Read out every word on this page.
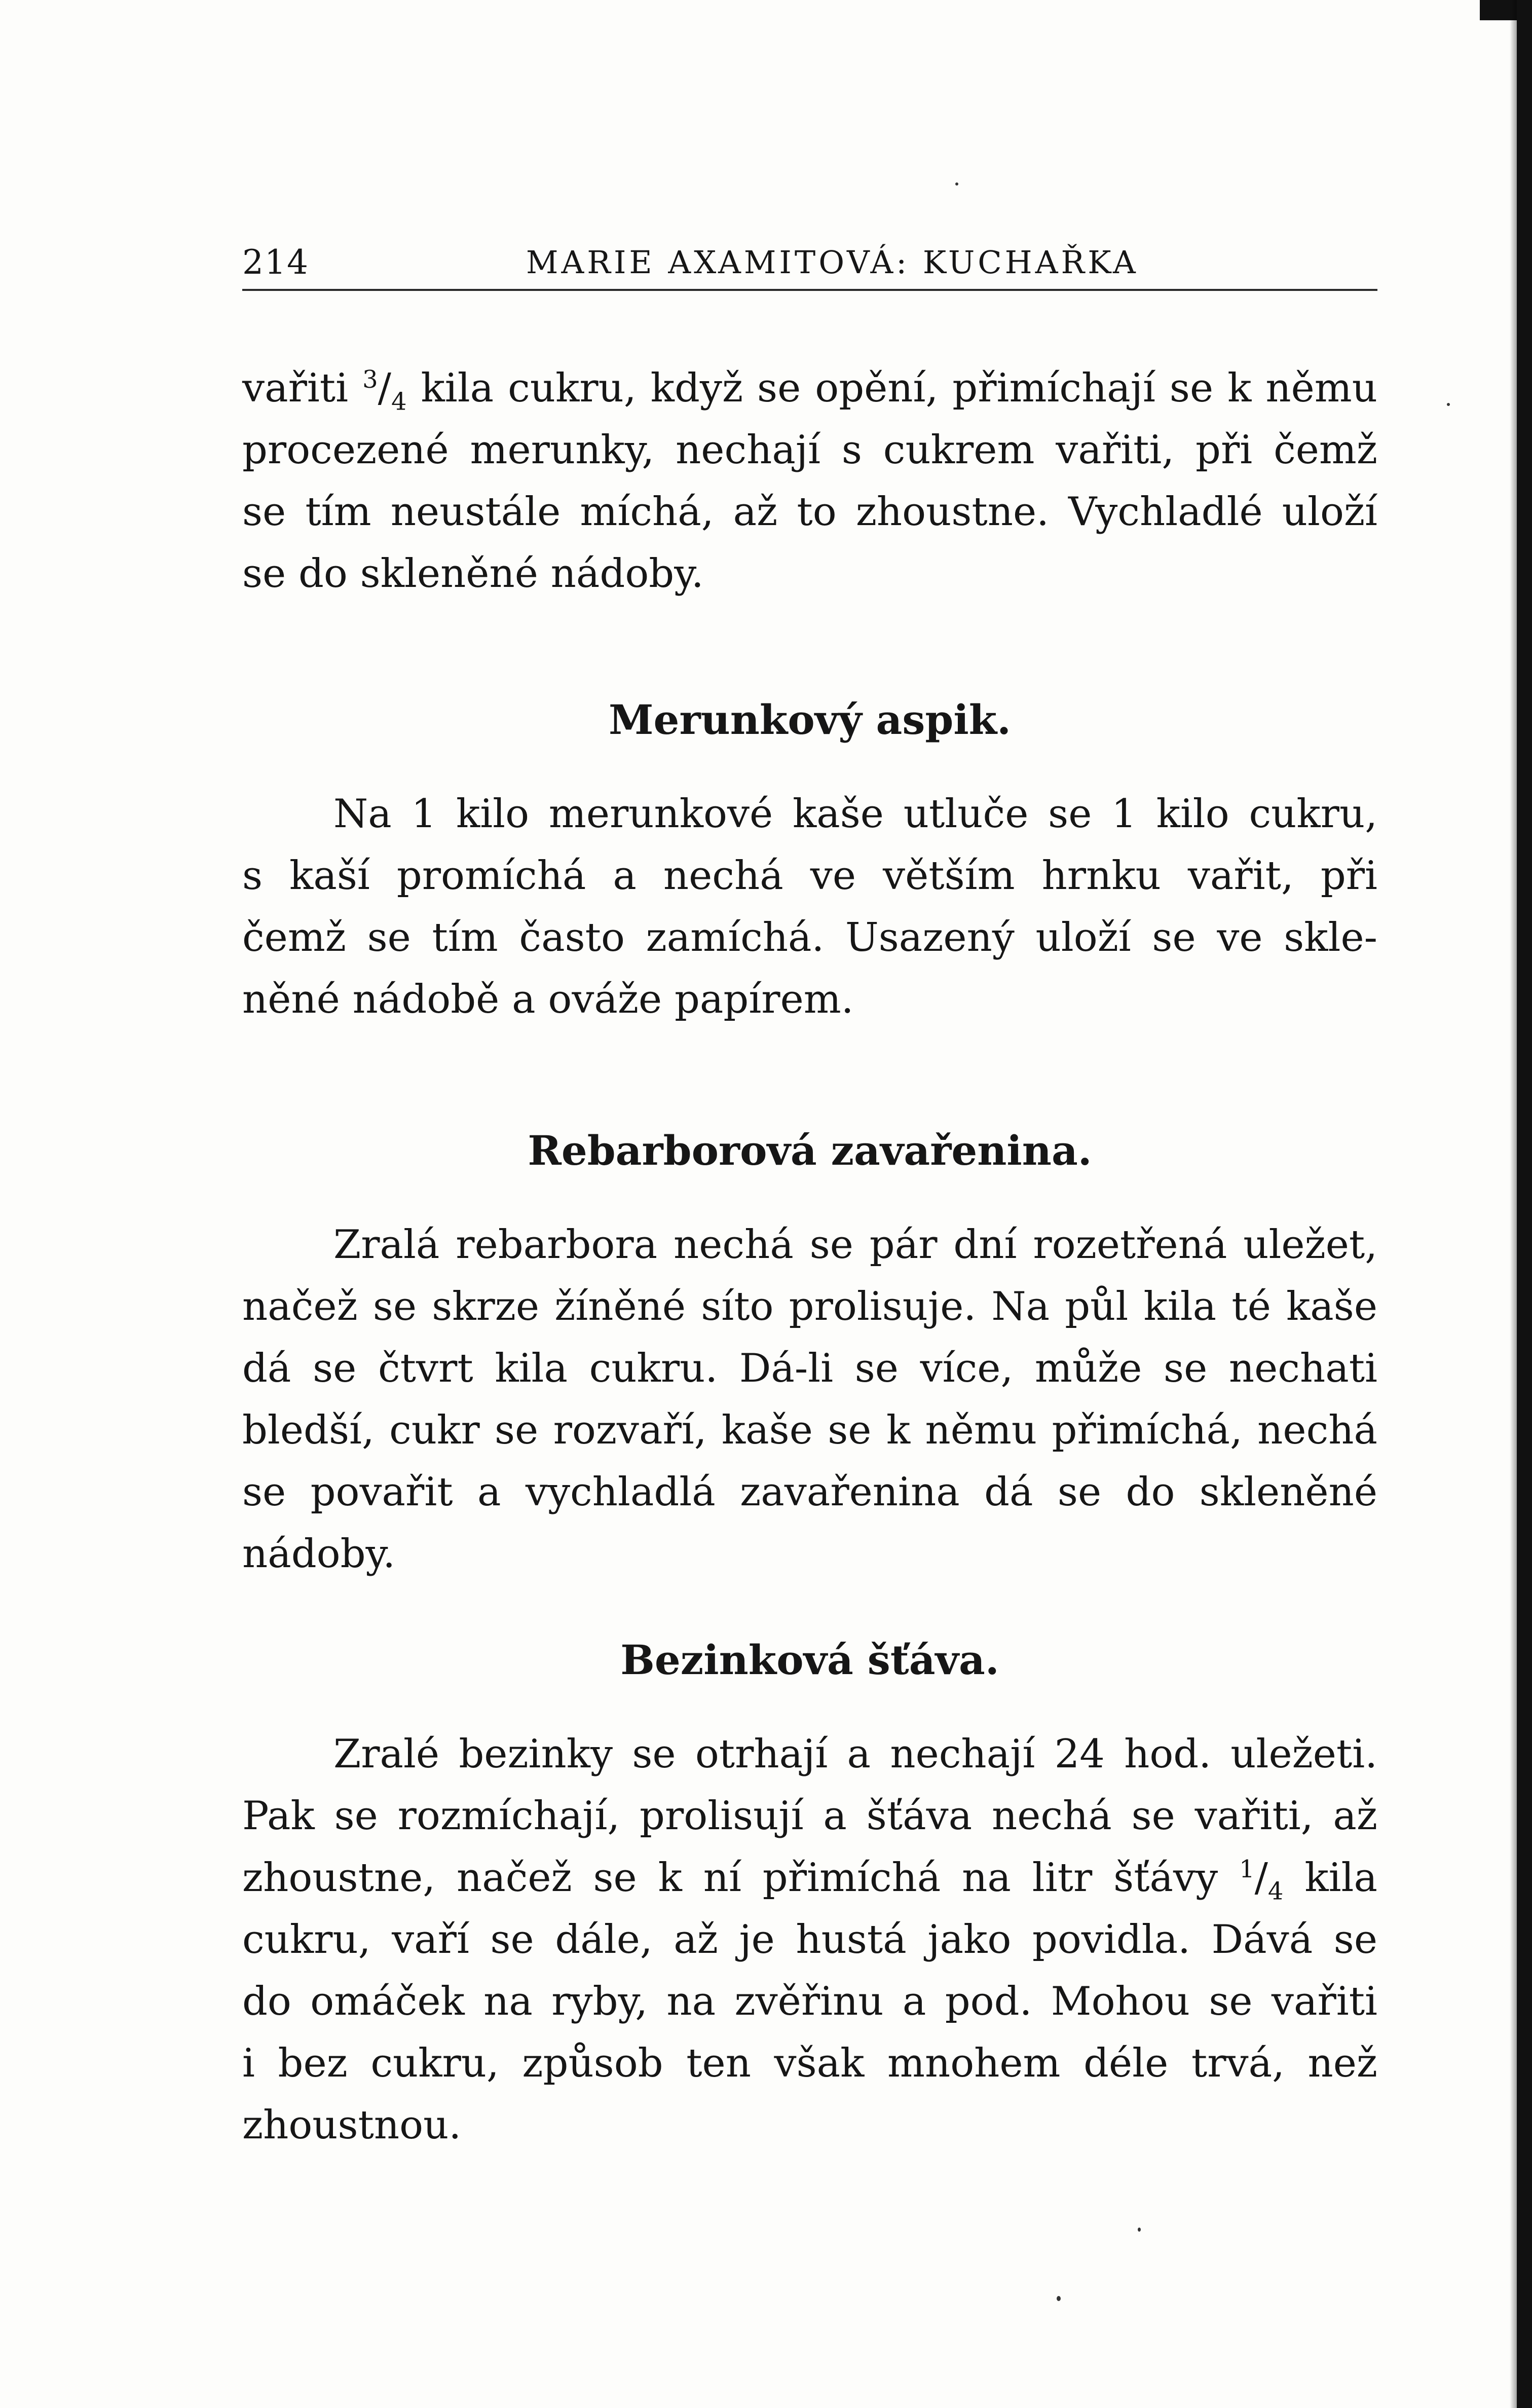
214	MARIE AXAMITOVÁ: KUCHAŘKA
vařiti $^3/_4$ kila cukru, když se opění, přimíchají se k němu
procezené merunky, nechají s cukrem vařiti, při čemž
se tím neustále míchá, až to zhoustne. Vychladlé uloží
se do skleněné nádoby.
Merunkový aspik.
Na 1 kilo merunkové kaše utluče se 1 kilo cukru,
s kaší promíchá a nechá ve větším hrnku vařit, při
čemž se tím často zamíchá. Usazený uloží se ve skle-
něné nádobě a ováže papírem.
Rebarborová zavařenina.
Zralá rebarbora nechá se pár dní rozetřená uležet,
načež se skrze žíněné síto prolisuje. Na půl kila té kaše
dá se čtvrt kila cukru. Dá-li se více, může se nechati
bledší, cukr se rozvaří, kaše se k němu přimíchá, nechá
se povařit a vychladlá zavařenina dá se do skleněné
nádoby.
Bezinková šťáva.
Zralé bezinky se otrhají a nechají 24 hod. uležeti.
Pak se rozmíchají, prolisují a šťáva nechá se vařiti, až
zhoustne, načež se k ní přimíchá na litr šťávy $^1/_4$ kila
cukru, vaří se dále, až je hustá jako povidla. Dává se
do omáček na ryby, na zvěřinu a pod. Mohou se vařiti
i bez cukru, způsob ten však mnohem déle trvá, než
zhoustnou.
